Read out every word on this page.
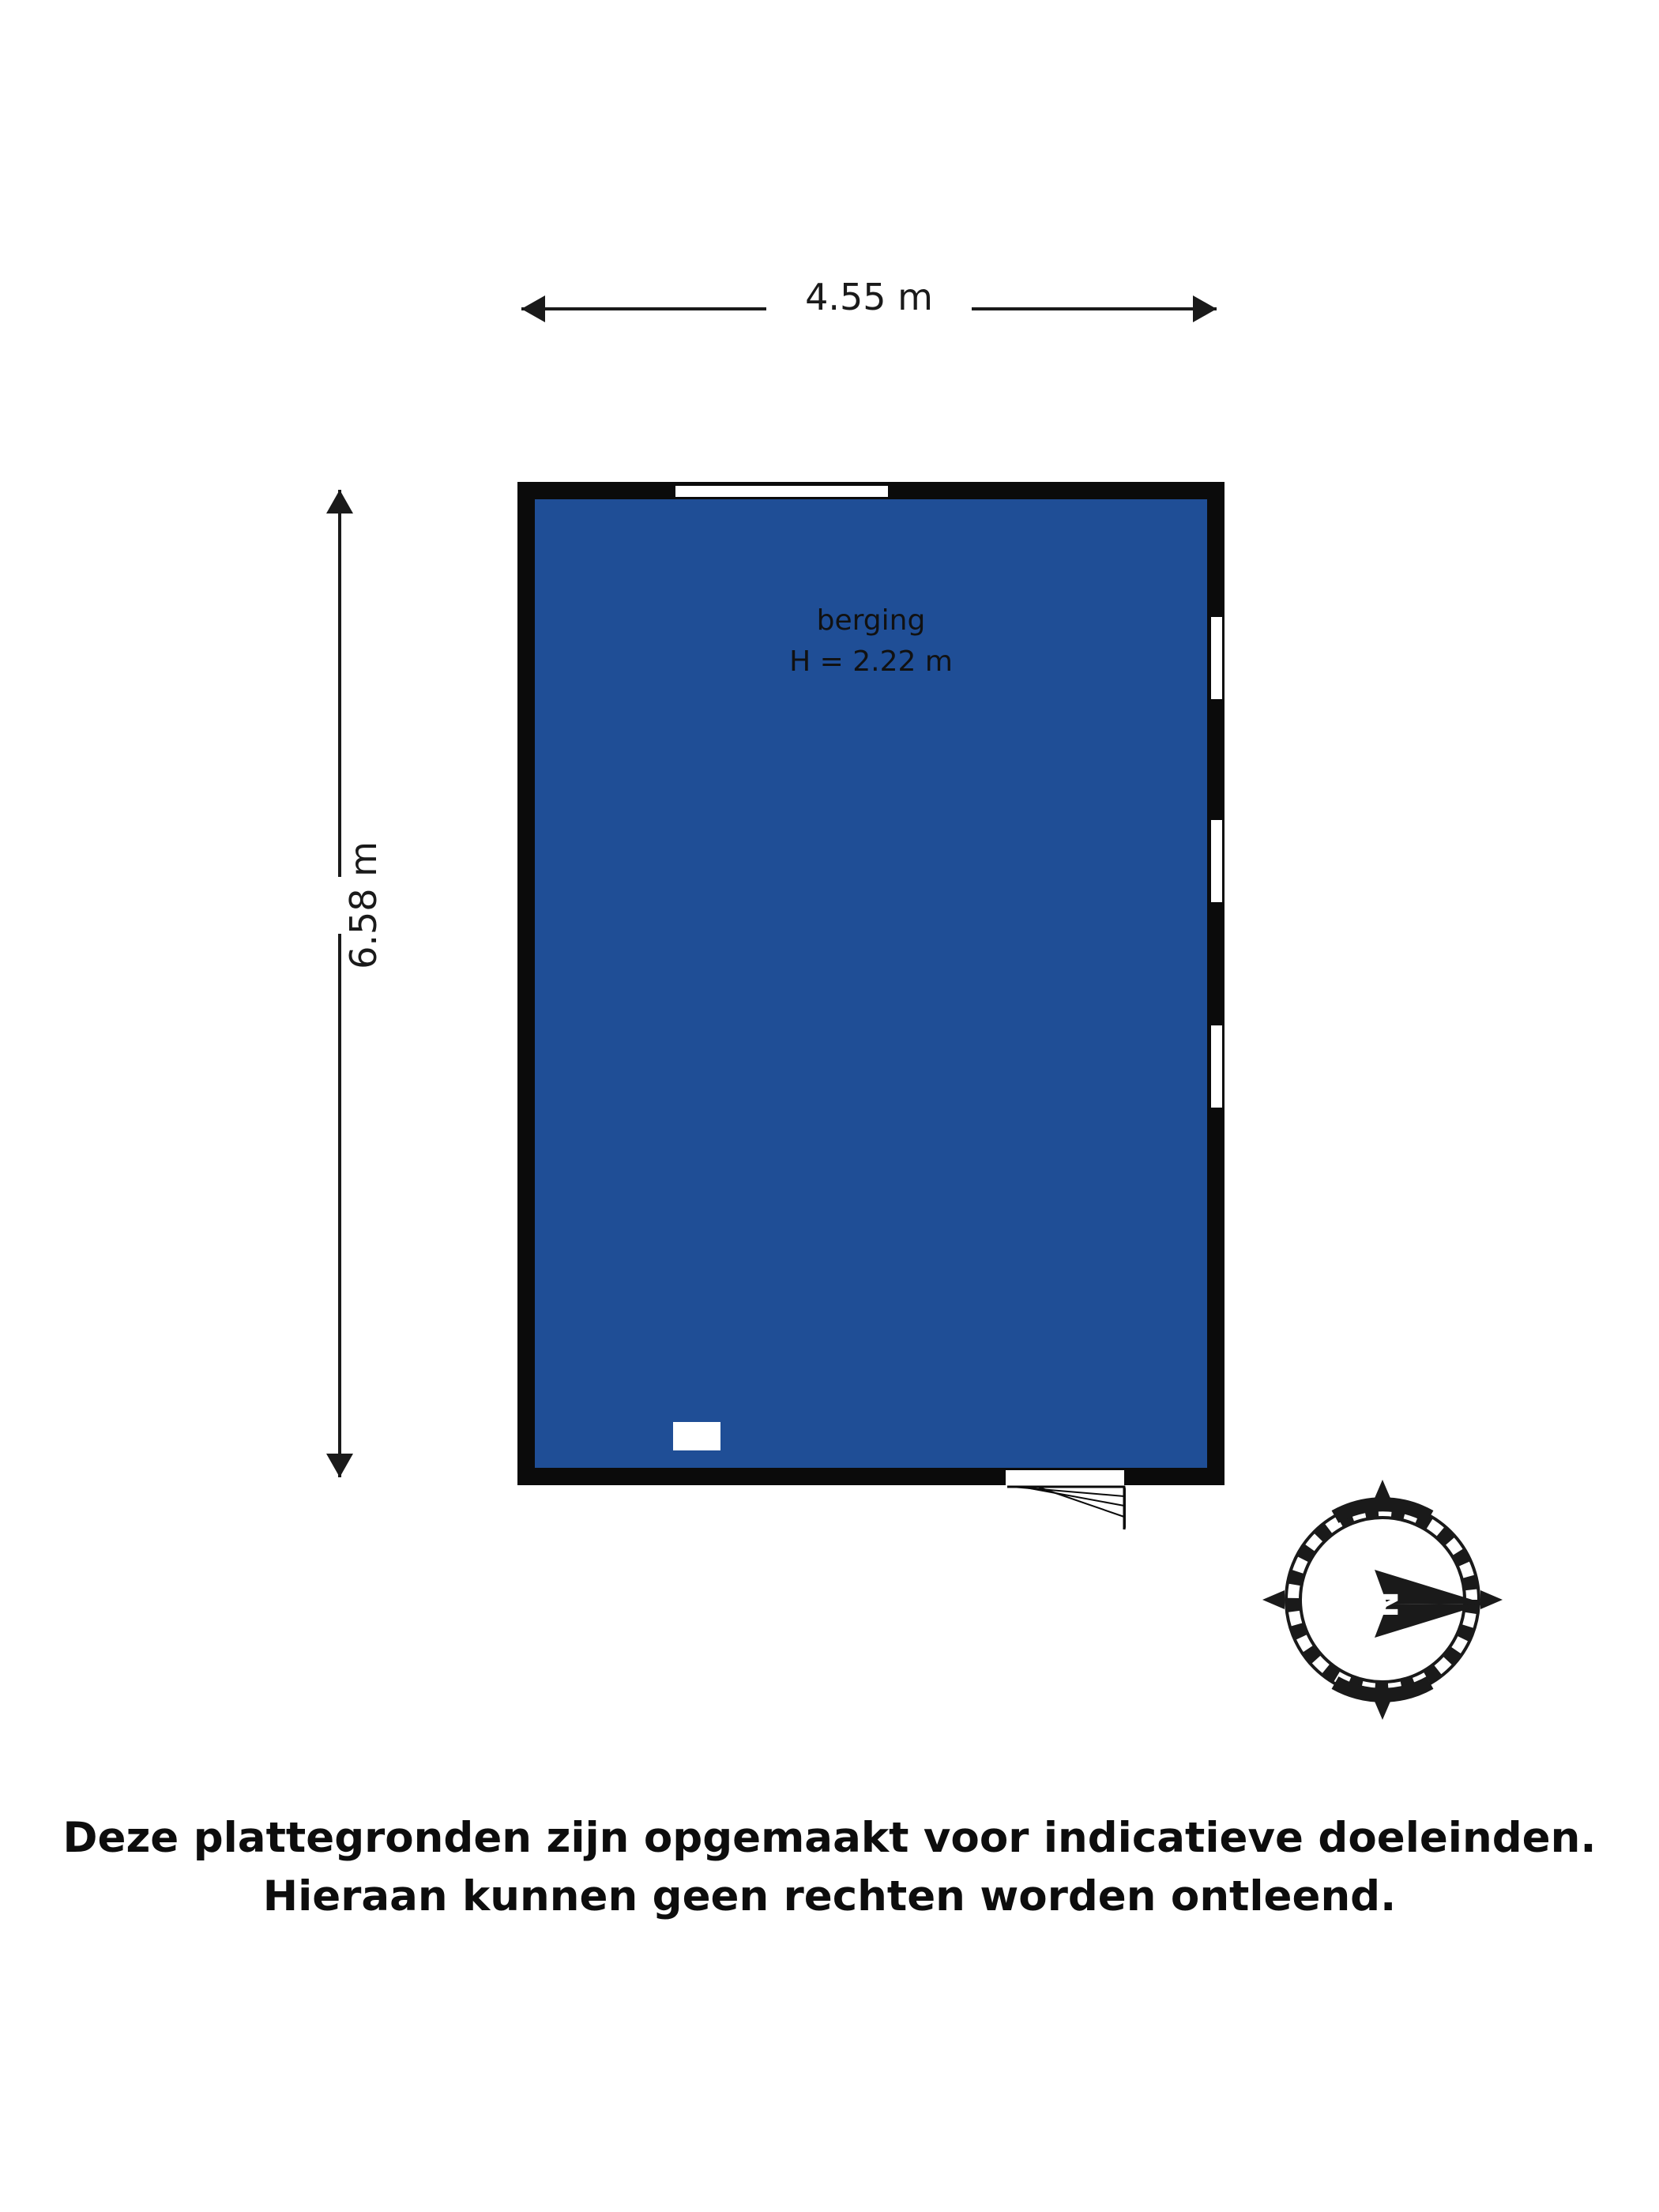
4.55 m
6.58 m
berging
H = 2.22 m
N
Deze plattegronden zijn opgemaakt voor indicatieve doeleinden.
Hieraan kunnen geen rechten worden ontleend.
